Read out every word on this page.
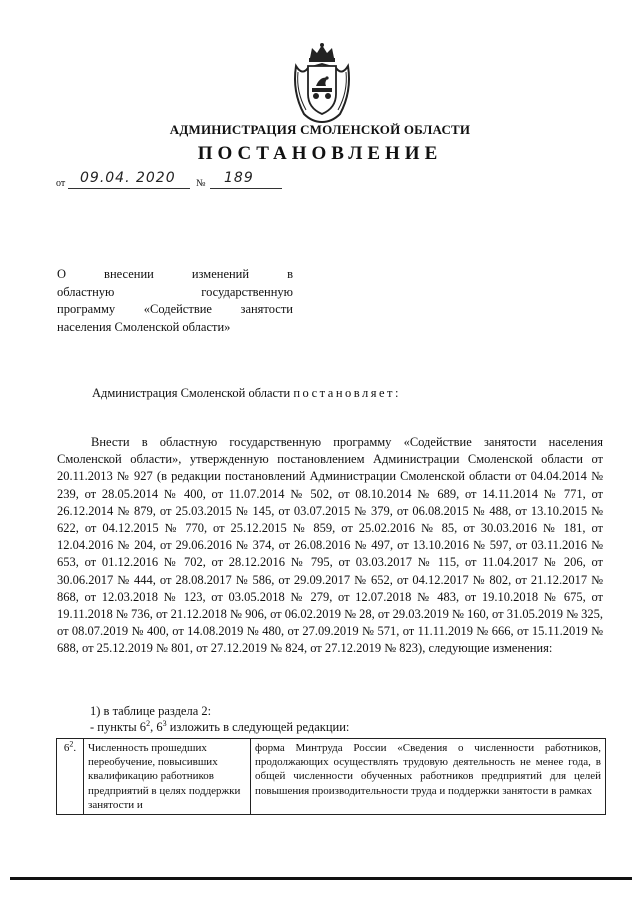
АДМИНИСТРАЦИЯ СМОЛЕНСКОЙ ОБЛАСТИ
ПОСТАНОВЛЕНИЕ
от 09.04. 2020 № 189
О внесении изменений в
областную государственную
программу «Содействие занятости
населения Смоленской области»
Администрация Смоленской области постановляет:
Внести в областную государственную программу «Содействие занятости населения Смоленской области», утвержденную постановлением Администрации Смоленской области от 20.11.2013 № 927 (в редакции постановлений Администрации Смоленской области от 04.04.2014 № 239, от 28.05.2014 № 400, от 11.07.2014 № 502, от 08.10.2014 № 689, от 14.11.2014 № 771, от 26.12.2014 № 879, от 25.03.2015 № 145, от 03.07.2015 № 379, от 06.08.2015 № 488, от 13.10.2015 № 622, от 04.12.2015 № 770, от 25.12.2015 № 859, от 25.02.2016 № 85, от 30.03.2016 № 181, от 12.04.2016 № 204, от 29.06.2016 № 374, от 26.08.2016 № 497, от 13.10.2016 № 597, от 03.11.2016 № 653, от 01.12.2016 № 702, от 28.12.2016 № 795, от 03.03.2017 № 115, от 11.04.2017 № 206, от 30.06.2017 № 444, от 28.08.2017 № 586, от 29.09.2017 № 652, от 04.12.2017 № 802, от 21.12.2017 № 868, от 12.03.2018 № 123, от 03.05.2018 № 279, от 12.07.2018 № 483, от 19.10.2018 № 675, от 19.11.2018 № 736, от 21.12.2018 № 906, от 06.02.2019 № 28, от 29.03.2019 № 160, от 31.05.2019 № 325, от 08.07.2019 № 400, от 14.08.2019 № 480, от 27.09.2019 № 571, от 11.11.2019 № 666, от 15.11.2019 № 688, от 25.12.2019 № 801, от 27.12.2019 № 824, от 27.12.2019 № 823), следующие изменения:
1) в таблице раздела 2:
- пункты $6^2$, $6^3$ изложить в следующей редакции:
$6^2$.	Численность прошедших переобучение, повысивших квалификацию работников предприятий в целях поддержки занятости и	форма Минтруда России «Сведения о численности работников, продолжающих осуществлять трудовую деятельность не менее года, в общей численности обученных работников предприятий для целей повышения производительности труда и поддержки занятости в рамках
